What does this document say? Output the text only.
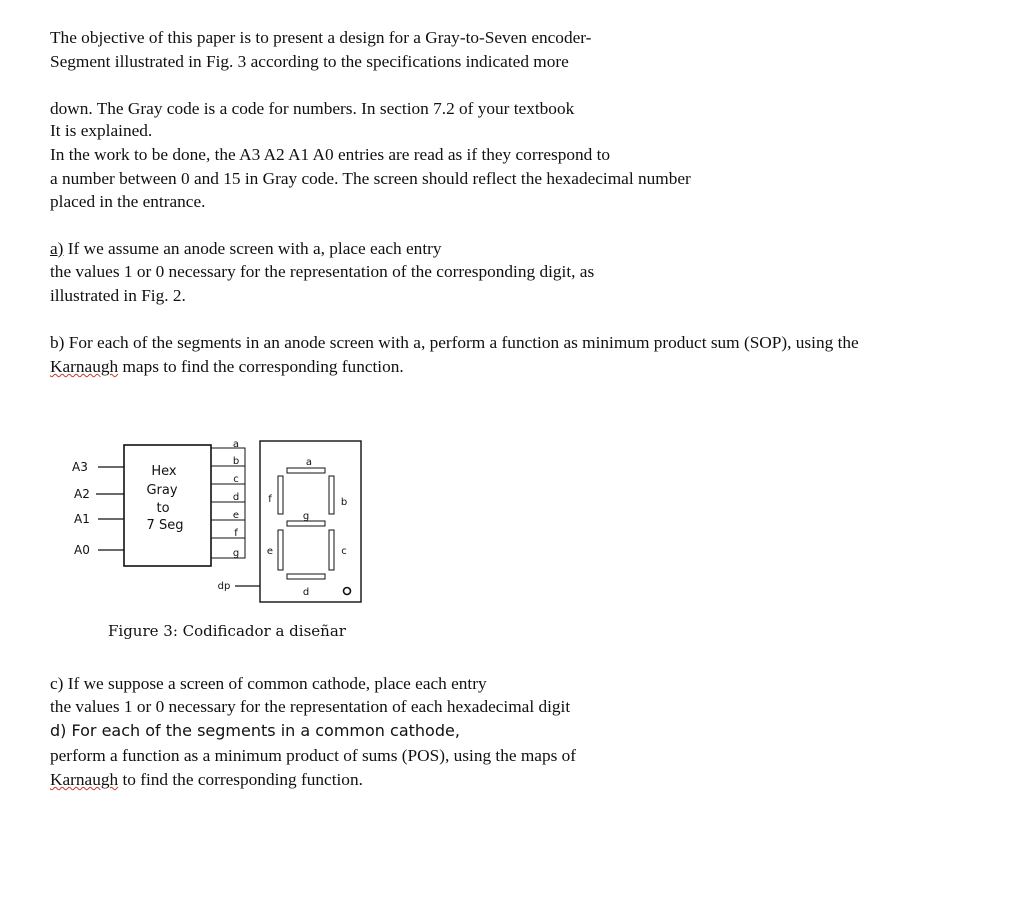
The objective of this paper is to present a design for a Gray-to-Seven encoder-
Segment illustrated in Fig. 3 according to the specifications indicated more
down. The Gray code is a code for numbers. In section 7.2 of your textbook
It is explained.
In the work to be done, the A3 A2 A1 A0 entries are read as if they correspond to
a number between 0 and 15 in Gray code. The screen should reflect the hexadecimal number
placed in the entrance.
a) If we assume an anode screen with a, place each entry
the values 1 or 0 necessary for the representation of the corresponding digit, as
illustrated in Fig. 2.
b) For each of the segments in an anode screen with a, perform a function as minimum product sum (SOP), using the
Karnaugh maps to find the corresponding function.
A3
A2
A1
A0
Hex
Gray
to
7 Seg
a
b
c
d
e
f
g
dp
a
b
c
d
e
f
g
Figure 3: Codificador a diseñar
c) If we suppose a screen of common cathode, place each entry
the values 1 or 0 necessary for the representation of each hexadecimal digit
d) For each of the segments in a common cathode,
perform a function as a minimum product of sums (POS), using the maps of
Karnaugh to find the corresponding function.
